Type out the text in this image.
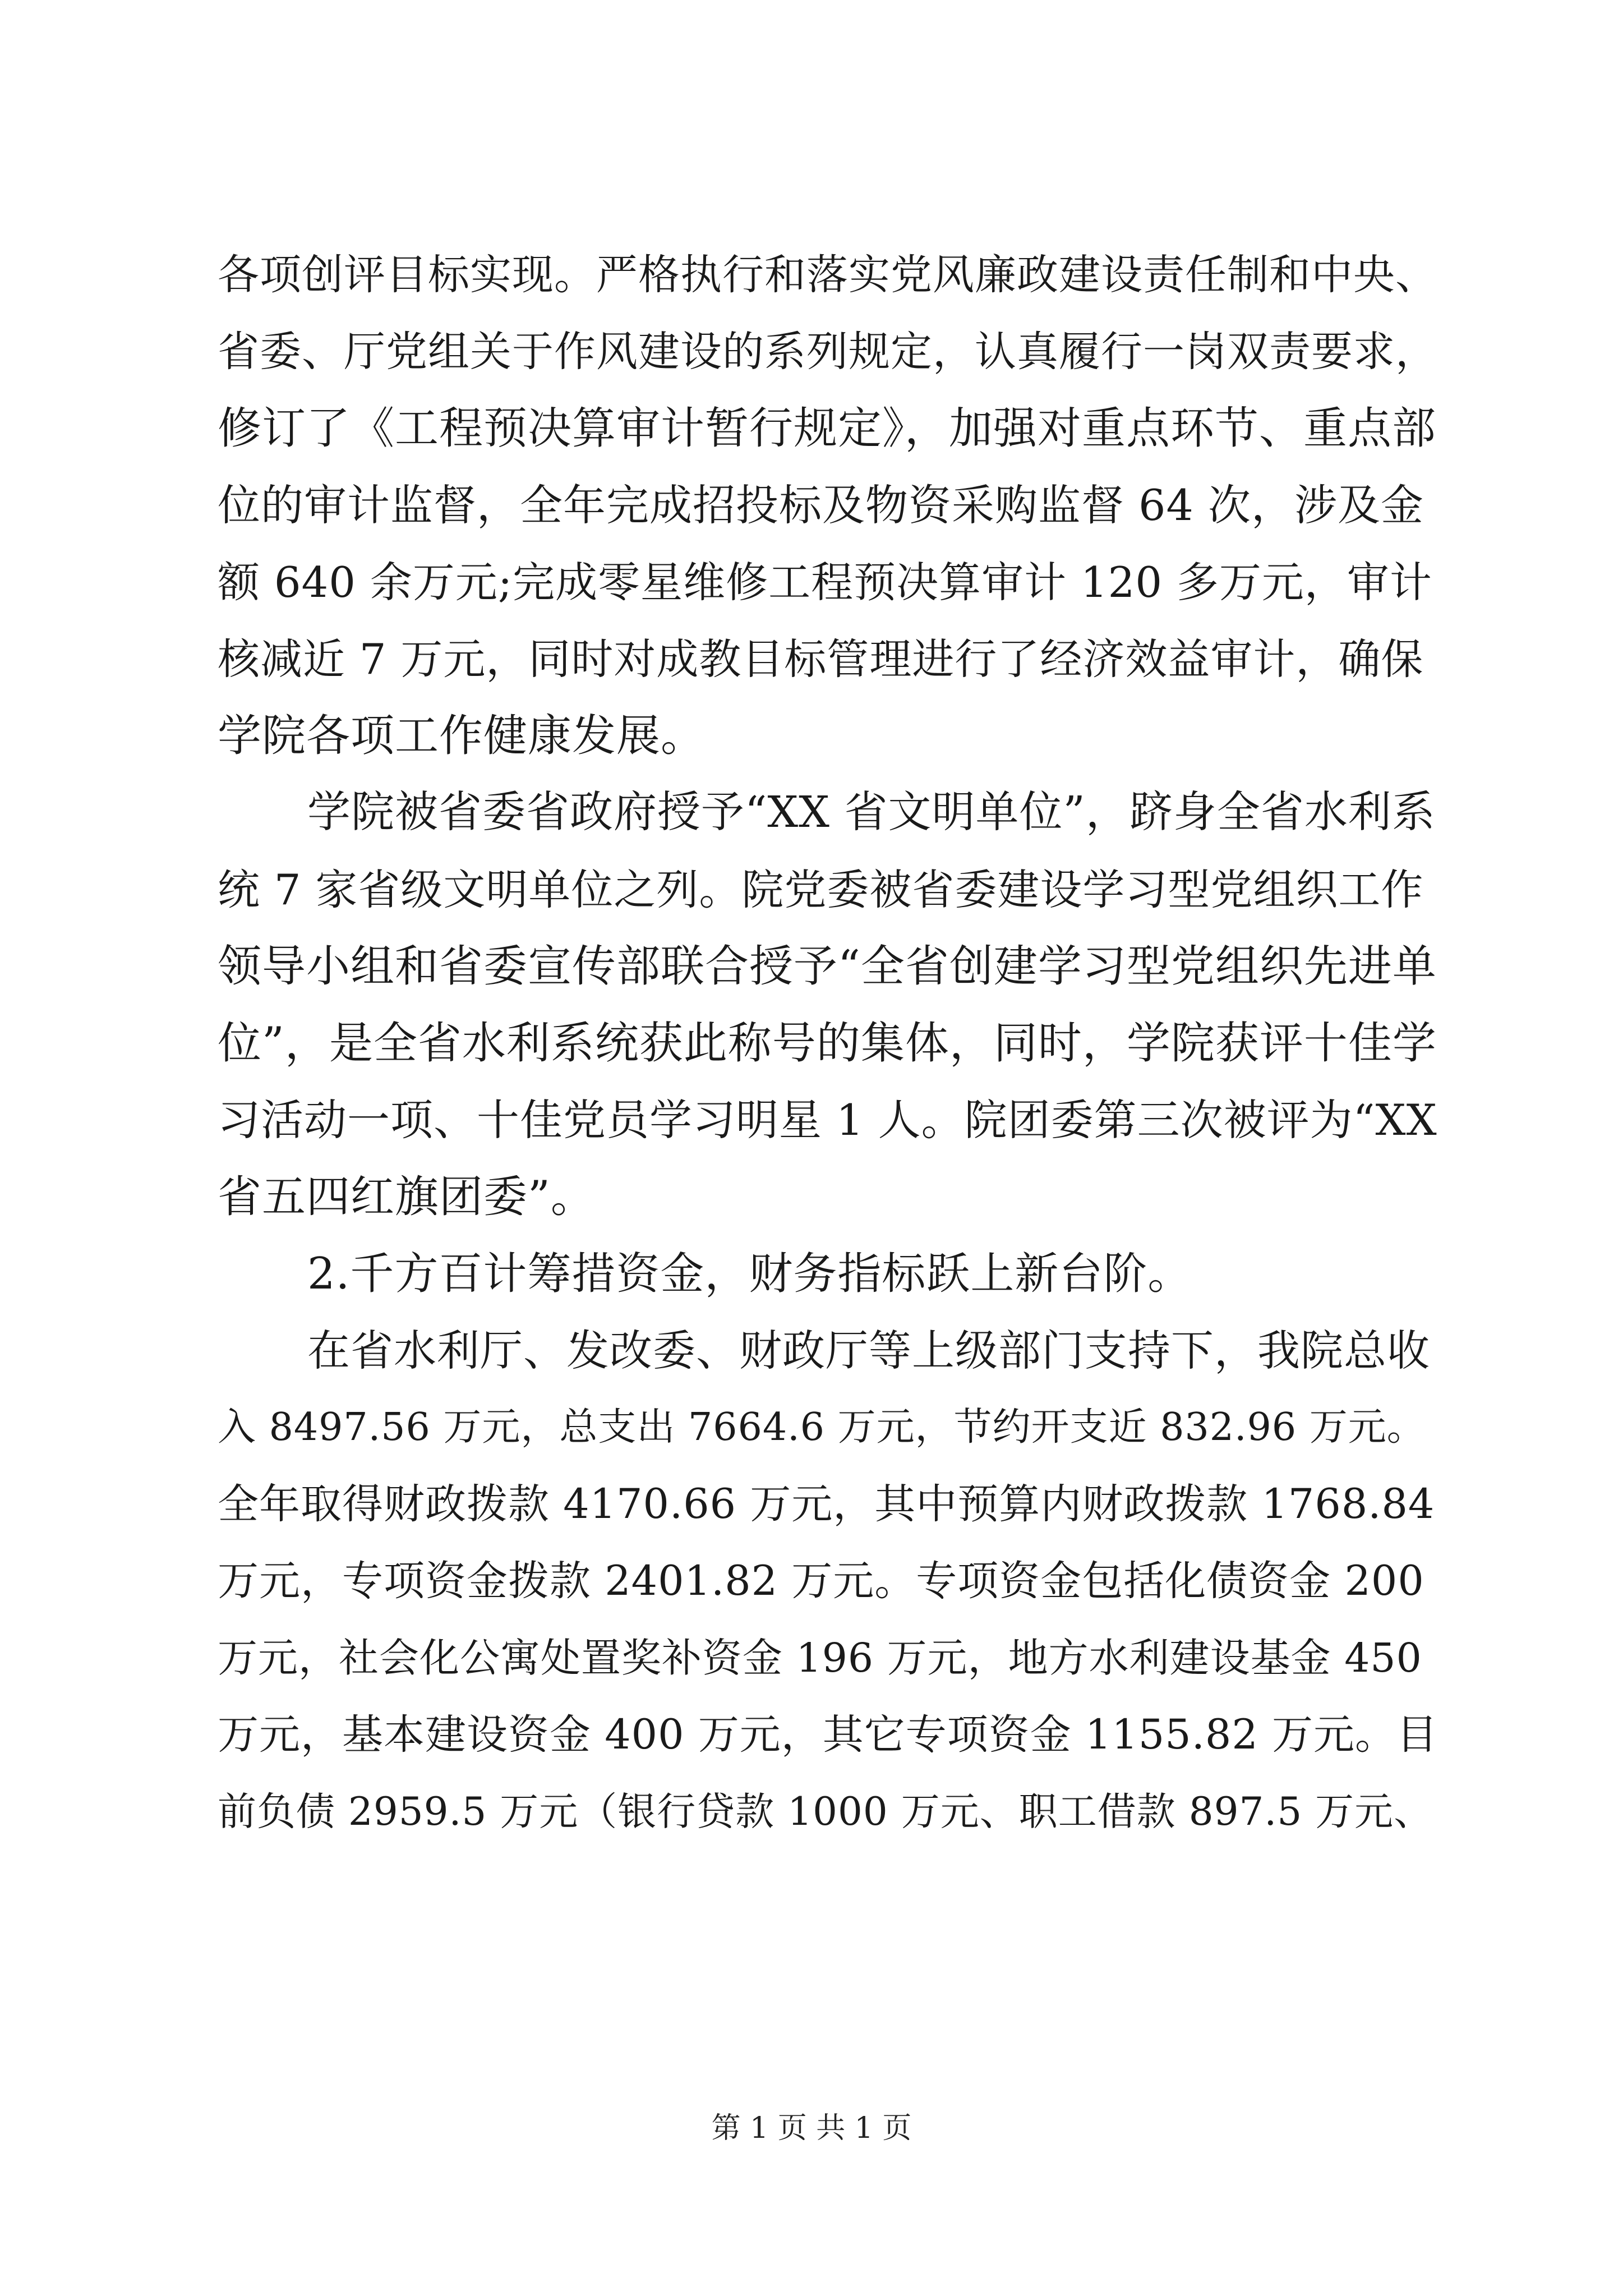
各项创评目标实现。严格执行和落实党风廉政建设责任制和中央、
省委、厅党组关于作风建设的系列规定，认真履行一岗双责要求，
修订了《工程预决算审计暂行规定》，加强对重点环节、重点部
位的审计监督，全年完成招投标及物资采购监督 64 次，涉及金
额 640 余万元;完成零星维修工程预决算审计 120 多万元，审计
核减近 7 万元，同时对成教目标管理进行了经济效益审计，确保
学院各项工作健康发展。
学院被省委省政府授予“XX 省文明单位”，跻身全省水利系
统 7 家省级文明单位之列。院党委被省委建设学习型党组织工作
领导小组和省委宣传部联合授予“全省创建学习型党组织先进单
位”，是全省水利系统获此称号的集体，同时，学院获评十佳学
习活动一项、十佳党员学习明星 1 人。院团委第三次被评为“XX
省五四红旗团委”。
2.千方百计筹措资金，财务指标跃上新台阶。
在省水利厅、发改委、财政厅等上级部门支持下，我院总收
入 8497.56 万元，总支出 7664.6 万元，节约开支近 832.96 万元。
全年取得财政拨款 4170.66 万元，其中预算内财政拨款 1768.84
万元，专项资金拨款 2401.82 万元。专项资金包括化债资金 200
万元，社会化公寓处置奖补资金 196 万元，地方水利建设基金 450
万元，基本建设资金 400 万元，其它专项资金 1155.82 万元。目
前负债 2959.5 万元（银行贷款 1000 万元、职工借款 897.5 万元、
第 1 页 共 1 页
